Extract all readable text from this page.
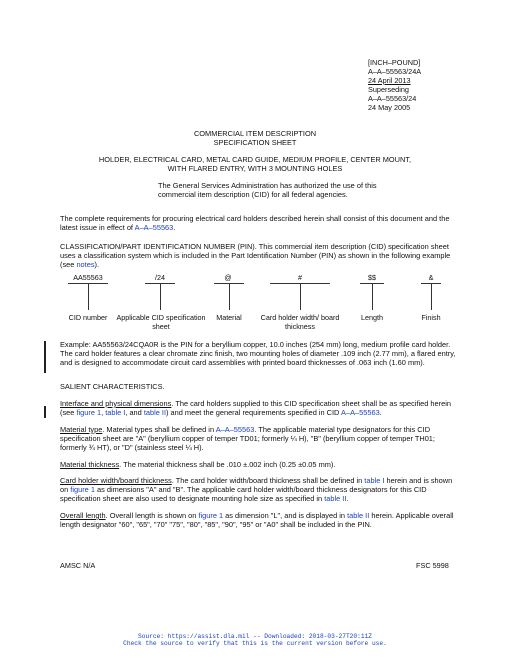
[INCH–POUND]
A–A–55563/24A
24 April 2013
Superseding
A–A–55563/24
24 May 2005
COMMERCIAL ITEM DESCRIPTION
SPECIFICATION SHEET
HOLDER, ELECTRICAL CARD, METAL CARD GUIDE, MEDIUM PROFILE, CENTER MOUNT,
WITH FLARED ENTRY, WITH 3 MOUNTING HOLES
The General Services Administration has authorized the use of this
commercial item description (CID) for all federal agencies.
The complete requirements for procuring electrical card holders described herein shall consist of this document and the latest issue in effect of A–A–55563.
CLASSIFICATION/PART IDENTIFICATION NUMBER (PIN). This commercial item description (CID) specification sheet uses a classification system which is included in the Part Identification Number (PIN) as shown in the following example (see notes).
AA55563
CID number
/24
Applicable CID specification sheet
@
Material
#
Card holder width/ board thickness
$$
Length
&
Finish
Example: AA55563/24CQA0R is the PIN for a beryllium copper, 10.0 inches (254 mm) long, medium profile card holder. The card holder features a clear chromate zinc finish, two mounting holes of diameter .109 inch (2.77 mm), a flared entry, and is designed to accommodate circuit card assemblies with printed board thicknesses of .063 inch (1.60 mm).
SALIENT CHARACTERISTICS.
Interface and physical dimensions. The card holders supplied to this CID specification sheet shall be as specified herein (see figure 1, table I, and table II) and meet the general requirements specified in CID A–A–55563.
Material type. Material types shall be defined in A–A–55563. The applicable material type designators for this CID specification sheet are "A" (beryllium copper of temper TD01; formerly ¼ H), "B" (beryllium copper of temper TH01; formerly ¾ HT), or "D" (stainless steel ¼ H).
Material thickness. The material thickness shall be .010 ±.002 inch (0.25 ±0.05 mm).
Card holder width/board thickness. The card holder width/board thickness shall be defined in table I herein and is shown on figure 1 as dimensions "A" and "B". The applicable card holder width/board thickness designators for this CID specification sheet are also used to designate mounting hole size as specified in table II.
Overall length. Overall length is shown on figure 1 as dimension "L", and is displayed in table II herein. Applicable overall length designator "60", "65", "70" "75", "80", "85", "90", "95" or "A0" shall be included in the PIN.
AMSC N/A	FSC 5998
Source: https://assist.dla.mil -- Downloaded: 2018-03-27T20:11Z
Check the source to verify that this is the current version before use.
